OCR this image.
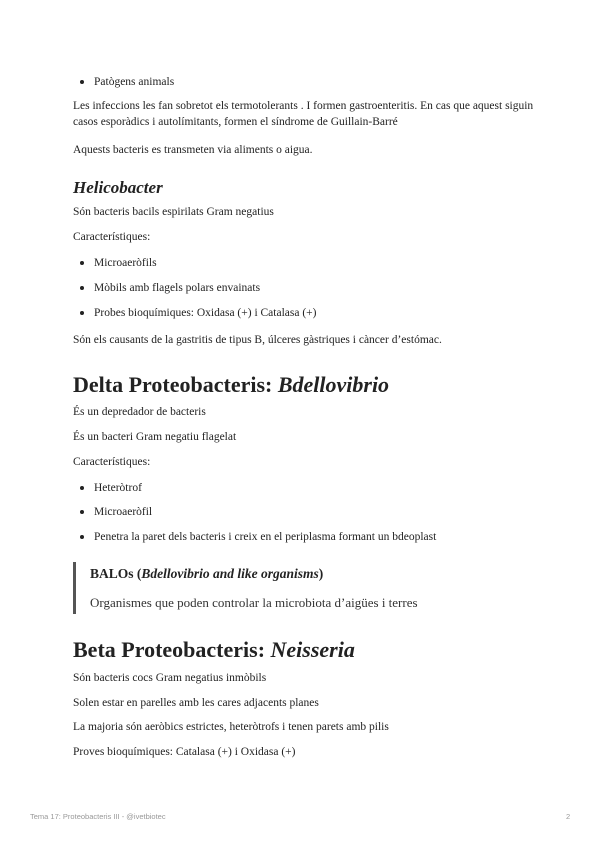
Patògens animals
Les infeccions les fan sobretot els termotolerants . I formen gastroenteritis. En cas que aquest siguin casos esporàdics i autolímitants, formen el síndrome de Guillain-Barré
Aquests bacteris es transmeten via aliments o aigua.
Helicobacter
Són bacteris bacils espirilats Gram negatius
Característiques:
Microaeròfils
Mòbils amb flagels polars envainats
Probes bioquímiques: Oxidasa (+) i Catalasa (+)
Són els causants de la gastritis de tipus B, úlceres gàstriques i càncer d’estómac.
Delta Proteobacteris: Bdellovibrio
És un depredador de bacteris
És un bacteri Gram negatiu flagelat
Característiques:
Heteròtrof
Microaeròfil
Penetra la paret dels bacteris i creix en el periplasma formant un bdeoplast
BALOs (Bdellovibrio and like organisms)
Organismes que poden controlar la microbiota d’aigües i terres
Beta Proteobacteris: Neisseria
Són bacteris cocs Gram negatius inmòbils
Solen estar en parelles amb les cares adjacents planes
La majoria són aeròbics estrictes, heteròtrofs i tenen parets amb pilis
Proves bioquímiques: Catalasa (+) i Oxidasa (+)
Tema 17: Proteobacteris III - @ivetbiotec	2
